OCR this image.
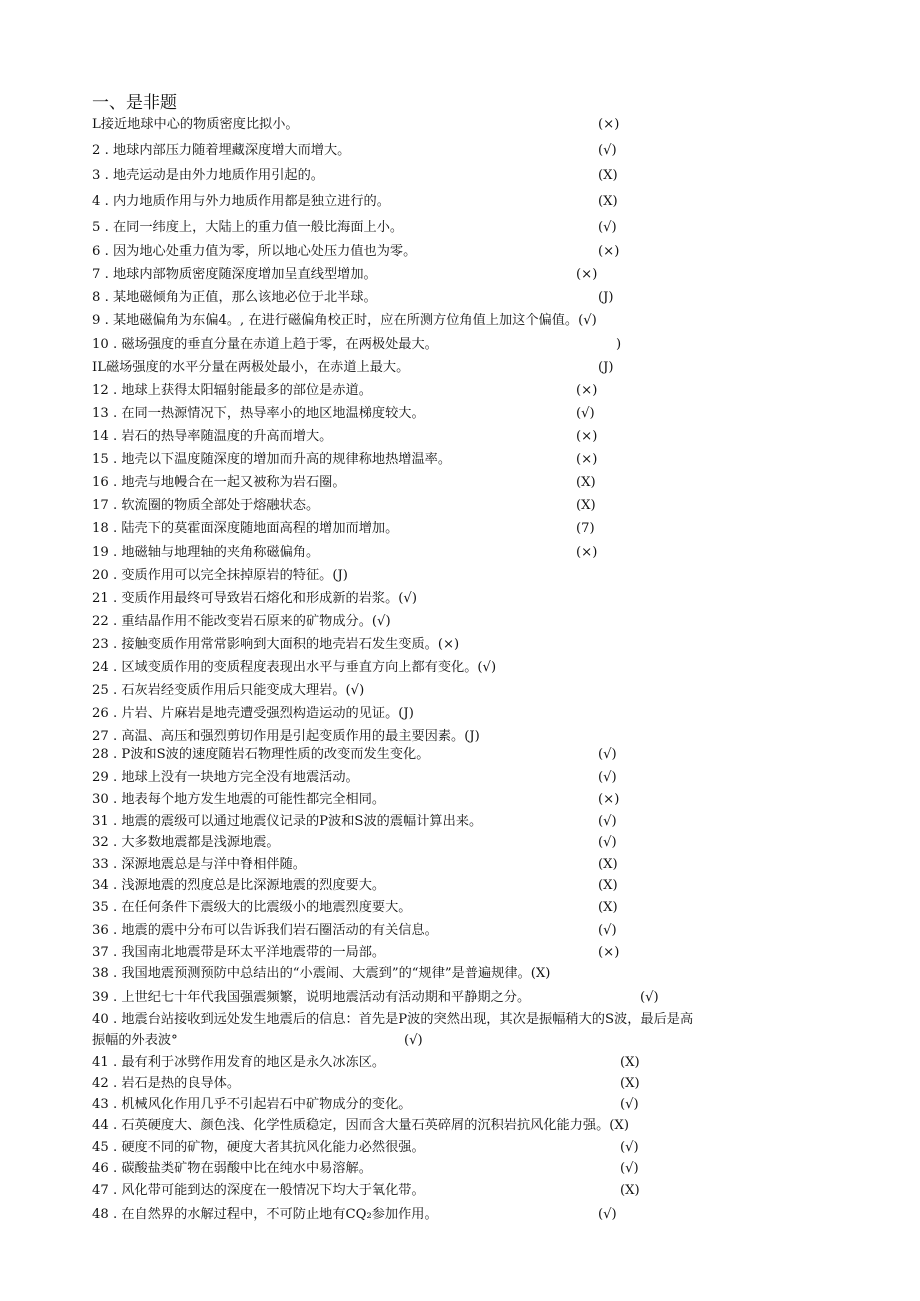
一、是非题
L接近地球中心的物质密度比拟小。	(×)
2 . 地球内部压力随着埋藏深度增大而增大。	(√)
3 . 地壳运动是由外力地质作用引起的。	(X)
4 . 内力地质作用与外力地质作用都是独立进行的。	(X)
5 . 在同一纬度上，大陆上的重力值一般比海面上小。	(√)
6 . 因为地心处重力值为零，所以地心处压力值也为零。	(×)
7 . 地球内部物质密度随深度增加呈直线型增加。	(×)
8 . 某地磁倾角为正值，那么该地必位于北半球。	(J)
9 . 某地磁偏角为东偏4。, 在进行磁偏角校正时，应在所测方位角值上加这个偏值。(√)
10 . 磁场强度的垂直分量在赤道上趋于零，在两极处最大。	)
IL磁场强度的水平分量在两极处最小，在赤道上最大。	(J)
12 . 地球上获得太阳辐射能最多的部位是赤道。	(×)
13 . 在同一热源情况下，热导率小的地区地温梯度较大。	(√)
14 . 岩石的热导率随温度的升高而增大。	(×)
15 . 地壳以下温度随深度的增加而升高的规律称地热增温率。	(×)
16 . 地壳与地幔合在一起又被称为岩石圈。	(X)
17 . 软流圈的物质全部处于熔融状态。	(X)
18 . 陆壳下的莫霍面深度随地面高程的增加而增加。	(7)
19 . 地磁轴与地理轴的夹角称磁偏角。	(×)
20 . 变质作用可以完全抹掉原岩的特征。(J)
21 . 变质作用最终可导致岩石熔化和形成新的岩浆。(√)
22 . 重结晶作用不能改变岩石原来的矿物成分。(√)
23 . 接触变质作用常常影响到大面积的地壳岩石发生变质。(×)
24 . 区域变质作用的变质程度表现出水平与垂直方向上都有变化。(√)
25 . 石灰岩经变质作用后只能变成大理岩。(√)
26 . 片岩、片麻岩是地壳遭受强烈构造运动的见证。(J)
27 . 高温、高压和强烈剪切作用是引起变质作用的最主要因素。(J)
28 . P波和S波的速度随岩石物理性质的改变而发生变化。	(√)
29 . 地球上没有一块地方完全没有地震活动。	(√)
30 . 地表每个地方发生地震的可能性都完全相同。	(×)
31 . 地震的震级可以通过地震仪记录的P波和S波的震幅计算出来。	(√)
32 . 大多数地震都是浅源地震。	(√)
33 . 深源地震总是与洋中脊相伴随。	(X)
34 . 浅源地震的烈度总是比深源地震的烈度要大。	(X)
35 . 在任何条件下震级大的比震级小的地震烈度要大。	(X)
36 . 地震的震中分布可以告诉我们岩石圈活动的有关信息。	(√)
37 . 我国南北地震带是环太平洋地震带的一局部。	(×)
38 . 我国地震预测预防中总结出的“小震闹、大震到”的“规律”是普遍规律。(X)
39 . 上世纪七十年代我国强震频繁，说明地震活动有活动期和平静期之分。	(√)
40 . 地震台站接收到远处发生地震后的信息：首先是P波的突然出现，其次是振幅稍大的S波，最后是高
振幅的外表波°	(√)
41 . 最有利于冰劈作用发育的地区是永久冰冻区。	(X)
42 . 岩石是热的良导体。	(X)
43 . 机械风化作用几乎不引起岩石中矿物成分的变化。	(√)
44 . 石英硬度大、颜色浅、化学性质稳定，因而含大量石英碎屑的沉积岩抗风化能力强。(X)
45 . 硬度不同的矿物，硬度大者其抗风化能力必然很强。	(√)
46 . 碳酸盐类矿物在弱酸中比在纯水中易溶解。	(√)
47 . 风化带可能到达的深度在一般情况下均大于氧化带。	(X)
48 . 在自然界的水解过程中，不可防止地有CQ₂参加作用。	(√)
